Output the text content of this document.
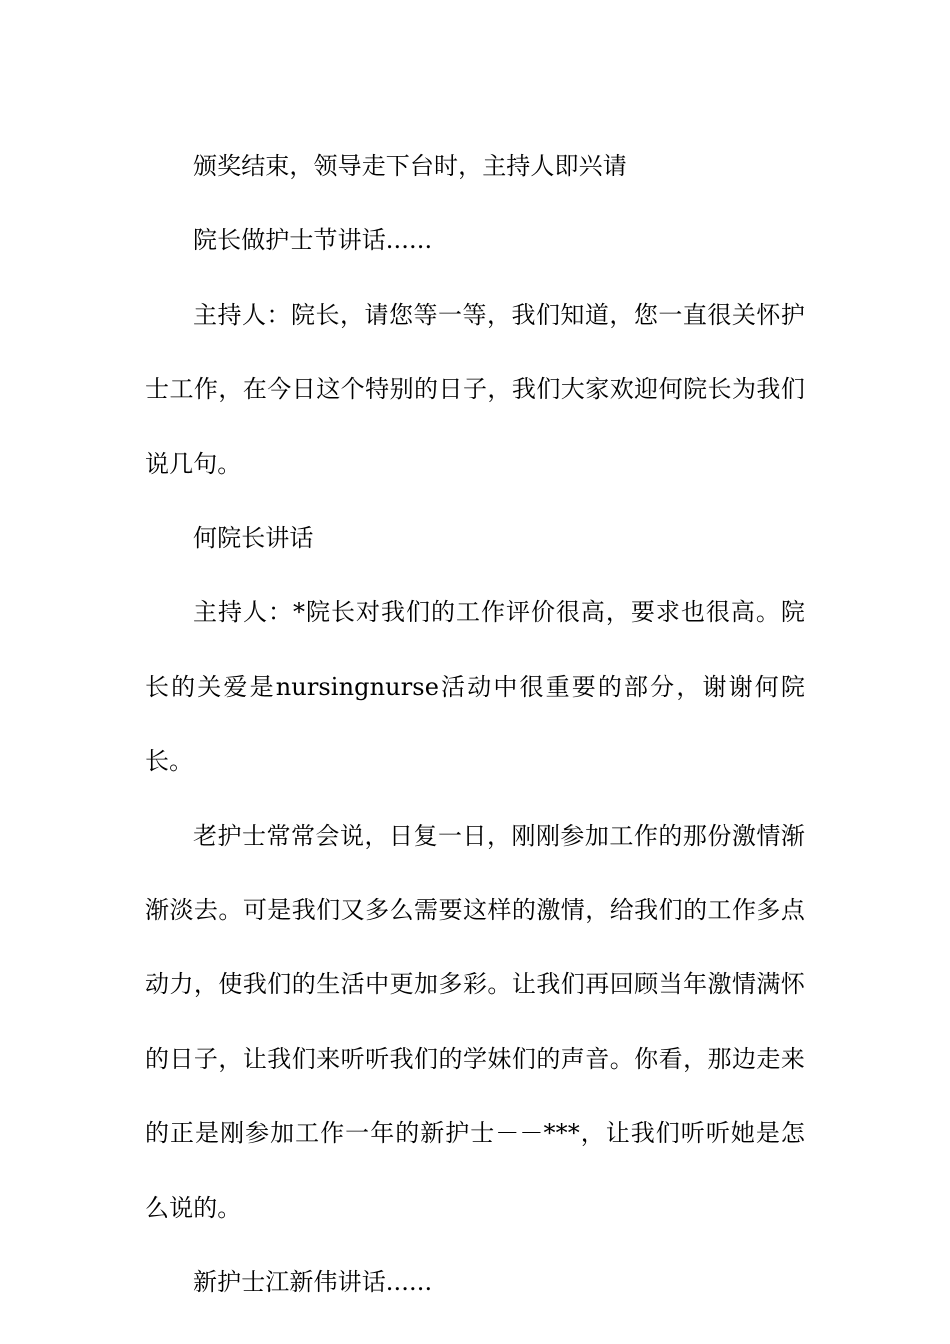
颁奖结束，领导走下台时，主持人即兴请

院长做护士节讲话......

主持人：院长，请您等一等，我们知道，您一直很关怀护士工作，在今日这个特别的日子，我们大家欢迎何院长为我们说几句。

何院长讲话

主持人：*院长对我们的工作评价很高，要求也很高。院长的关爱是nursingnurse活动中很重要的部分，谢谢何院长。

老护士常常会说，日复一日，刚刚参加工作的那份激情渐渐淡去。可是我们又多么需要这样的激情，给我们的工作多点动力，使我们的生活中更加多彩。让我们再回顾当年激情满怀的日子，让我们来听听我们的学妹们的声音。你看，那边走来的正是刚参加工作一年的新护士－－***，让我们听听她是怎么说的。

新护士江新伟讲话......
